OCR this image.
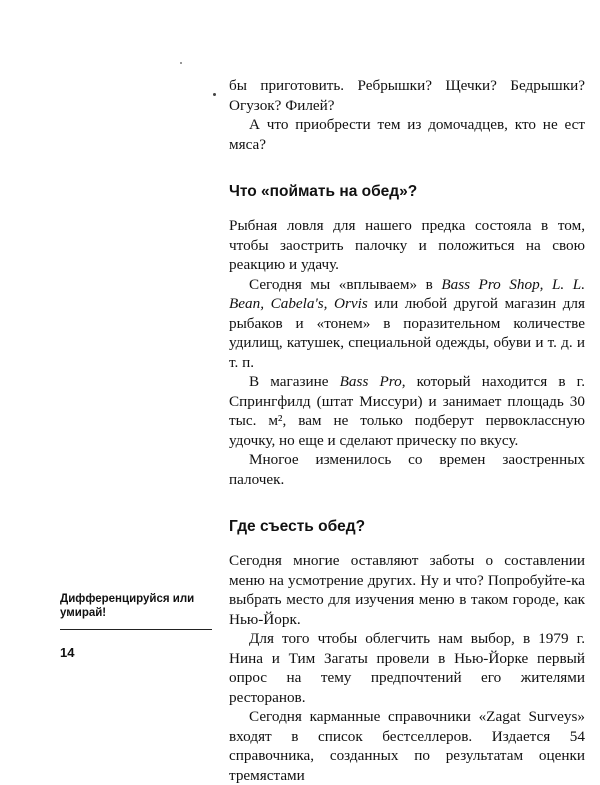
бы приготовить. Ребрышки? Щечки? Бедрышки? Огузок? Филей?

А что приобрести тем из домочадцев, кто не ест мяса?

Что «поймать на обед»?

Рыбная ловля для нашего предка состояла в том, чтобы заострить палочку и положиться на свою реакцию и удачу.

Сегодня мы «вплываем» в Bass Pro Shop, L. L. Bean, Cabela's, Orvis или любой другой магазин для рыбаков и «тонем» в поразительном количестве удилищ, катушек, специальной одежды, обуви и т. д. и т. п.

В магазине Bass Pro, который находится в г. Спрингфилд (штат Миссури) и занимает площадь 30 тыс. м², вам не только подберут первоклассную удочку, но еще и сделают прическу по вкусу.

Многое изменилось со времен заостренных палочек.

Где съесть обед?

Сегодня многие оставляют заботы о составлении меню на усмотрение других. Ну и что? Попробуйте-ка выбрать место для изучения меню в таком городе, как Нью-Йорк.

Для того чтобы облегчить нам выбор, в 1979 г. Нина и Тим Загаты провели в Нью-Йорке первый опрос на тему предпочтений его жителями ресторанов.

Сегодня карманные справочники «Zagat Surveys» входят в список бестселлеров. Издается 54 справочника, созданных по результатам оценки тремястами

Дифференцируйся или умирай!
14
